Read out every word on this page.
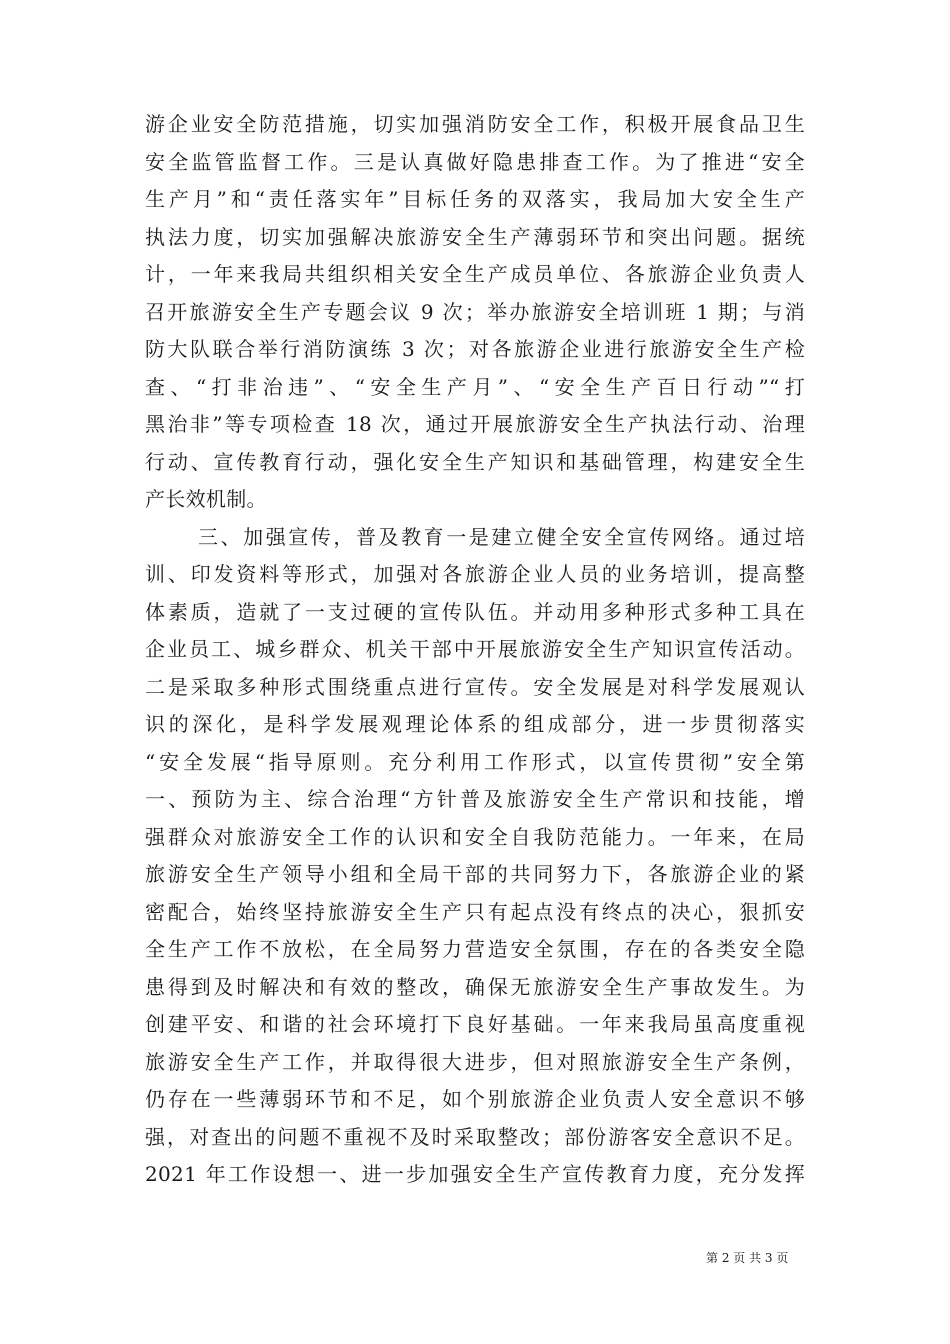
游企业安全防范措施，切实加强消防安全工作，积极开展食品卫生
安全监管监督工作。三是认真做好隐患排查工作。为了推进“安全
生产月”和“责任落实年”目标任务的双落实，我局加大安全生产
执法力度，切实加强解决旅游安全生产薄弱环节和突出问题。据统
计，一年来我局共组织相关安全生产成员单位、各旅游企业负责人
召开旅游安全生产专题会议 9 次；举办旅游安全培训班 1 期；与消
防大队联合举行消防演练 3 次；对各旅游企业进行旅游安全生产检
查、“打非治违”、“安全生产月”、“安全生产百日行动”“打
黑治非”等专项检查 18 次，通过开展旅游安全生产执法行动、治理
行动、宣传教育行动，强化安全生产知识和基础管理，构建安全生
产长效机制。
三、加强宣传，普及教育一是建立健全安全宣传网络。通过培
训、印发资料等形式，加强对各旅游企业人员的业务培训，提高整
体素质，造就了一支过硬的宣传队伍。并动用多种形式多种工具在
企业员工、城乡群众、机关干部中开展旅游安全生产知识宣传活动。
二是采取多种形式围绕重点进行宣传。安全发展是对科学发展观认
识的深化，是科学发展观理论体系的组成部分，进一步贯彻落实
“安全发展“指导原则。充分利用工作形式，以宣传贯彻”安全第
一、预防为主、综合治理“方针普及旅游安全生产常识和技能，增
强群众对旅游安全工作的认识和安全自我防范能力。一年来，在局
旅游安全生产领导小组和全局干部的共同努力下，各旅游企业的紧
密配合，始终坚持旅游安全生产只有起点没有终点的决心，狠抓安
全生产工作不放松，在全局努力营造安全氛围，存在的各类安全隐
患得到及时解决和有效的整改，确保无旅游安全生产事故发生。为
创建平安、和谐的社会环境打下良好基础。一年来我局虽高度重视
旅游安全生产工作，并取得很大进步，但对照旅游安全生产条例，
仍存在一些薄弱环节和不足，如个别旅游企业负责人安全意识不够
强，对查出的问题不重视不及时采取整改；部份游客安全意识不足。
2021 年工作设想一、进一步加强安全生产宣传教育力度，充分发挥
第 2 页 共 3 页
